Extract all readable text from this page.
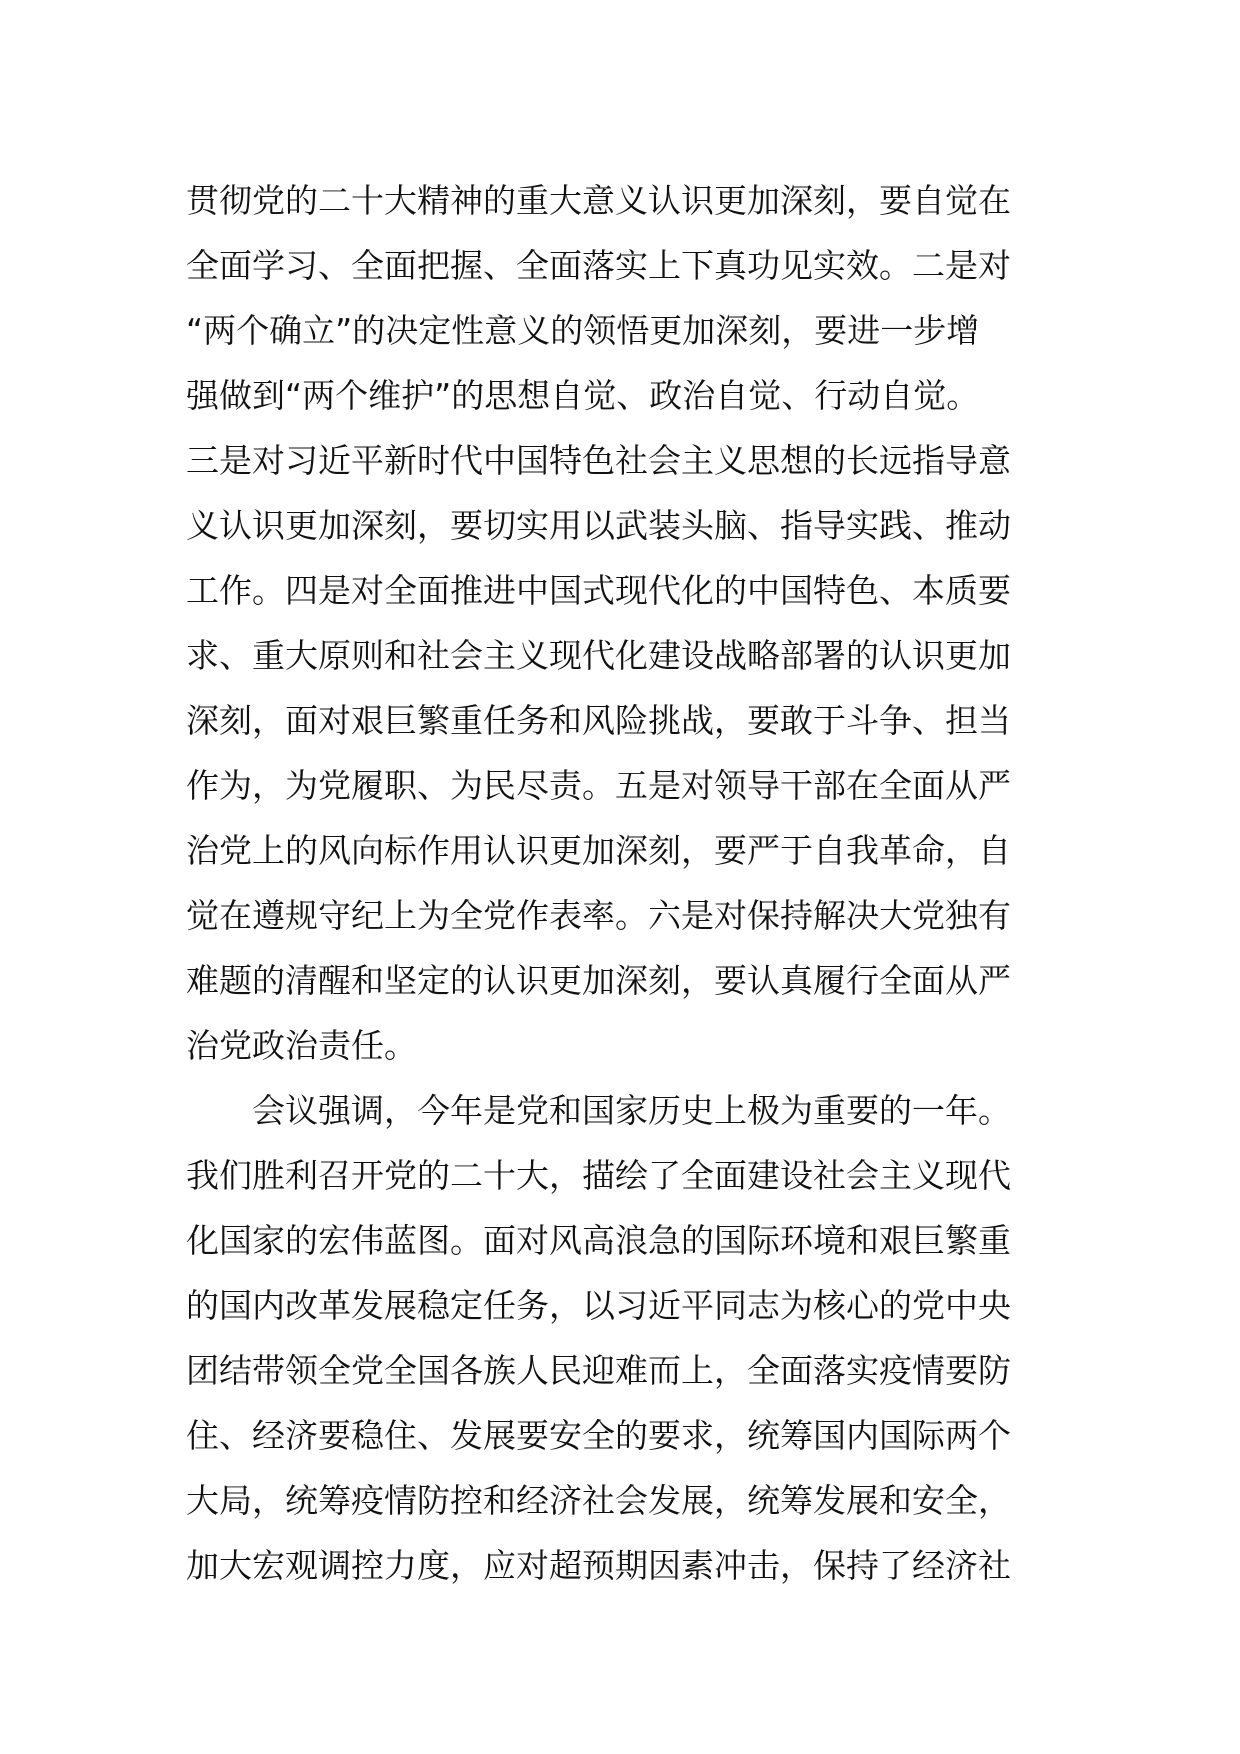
贯彻党的二十大精神的重大意义认识更加深刻，要自觉在
全面学习、全面把握、全面落实上下真功见实效。二是对
“两个确立”的决定性意义的领悟更加深刻，要进一步增
强做到“两个维护”的思想自觉、政治自觉、行动自觉。
三是对习近平新时代中国特色社会主义思想的长远指导意
义认识更加深刻，要切实用以武装头脑、指导实践、推动
工作。四是对全面推进中国式现代化的中国特色、本质要
求、重大原则和社会主义现代化建设战略部署的认识更加
深刻，面对艰巨繁重任务和风险挑战，要敢于斗争、担当
作为，为党履职、为民尽责。五是对领导干部在全面从严
治党上的风向标作用认识更加深刻，要严于自我革命，自
觉在遵规守纪上为全党作表率。六是对保持解决大党独有
难题的清醒和坚定的认识更加深刻，要认真履行全面从严
治党政治责任。
会议强调，今年是党和国家历史上极为重要的一年。
我们胜利召开党的二十大，描绘了全面建设社会主义现代
化国家的宏伟蓝图。面对风高浪急的国际环境和艰巨繁重
的国内改革发展稳定任务，以习近平同志为核心的党中央
团结带领全党全国各族人民迎难而上，全面落实疫情要防
住、经济要稳住、发展要安全的要求，统筹国内国际两个
大局，统筹疫情防控和经济社会发展，统筹发展和安全，
加大宏观调控力度，应对超预期因素冲击，保持了经济社
